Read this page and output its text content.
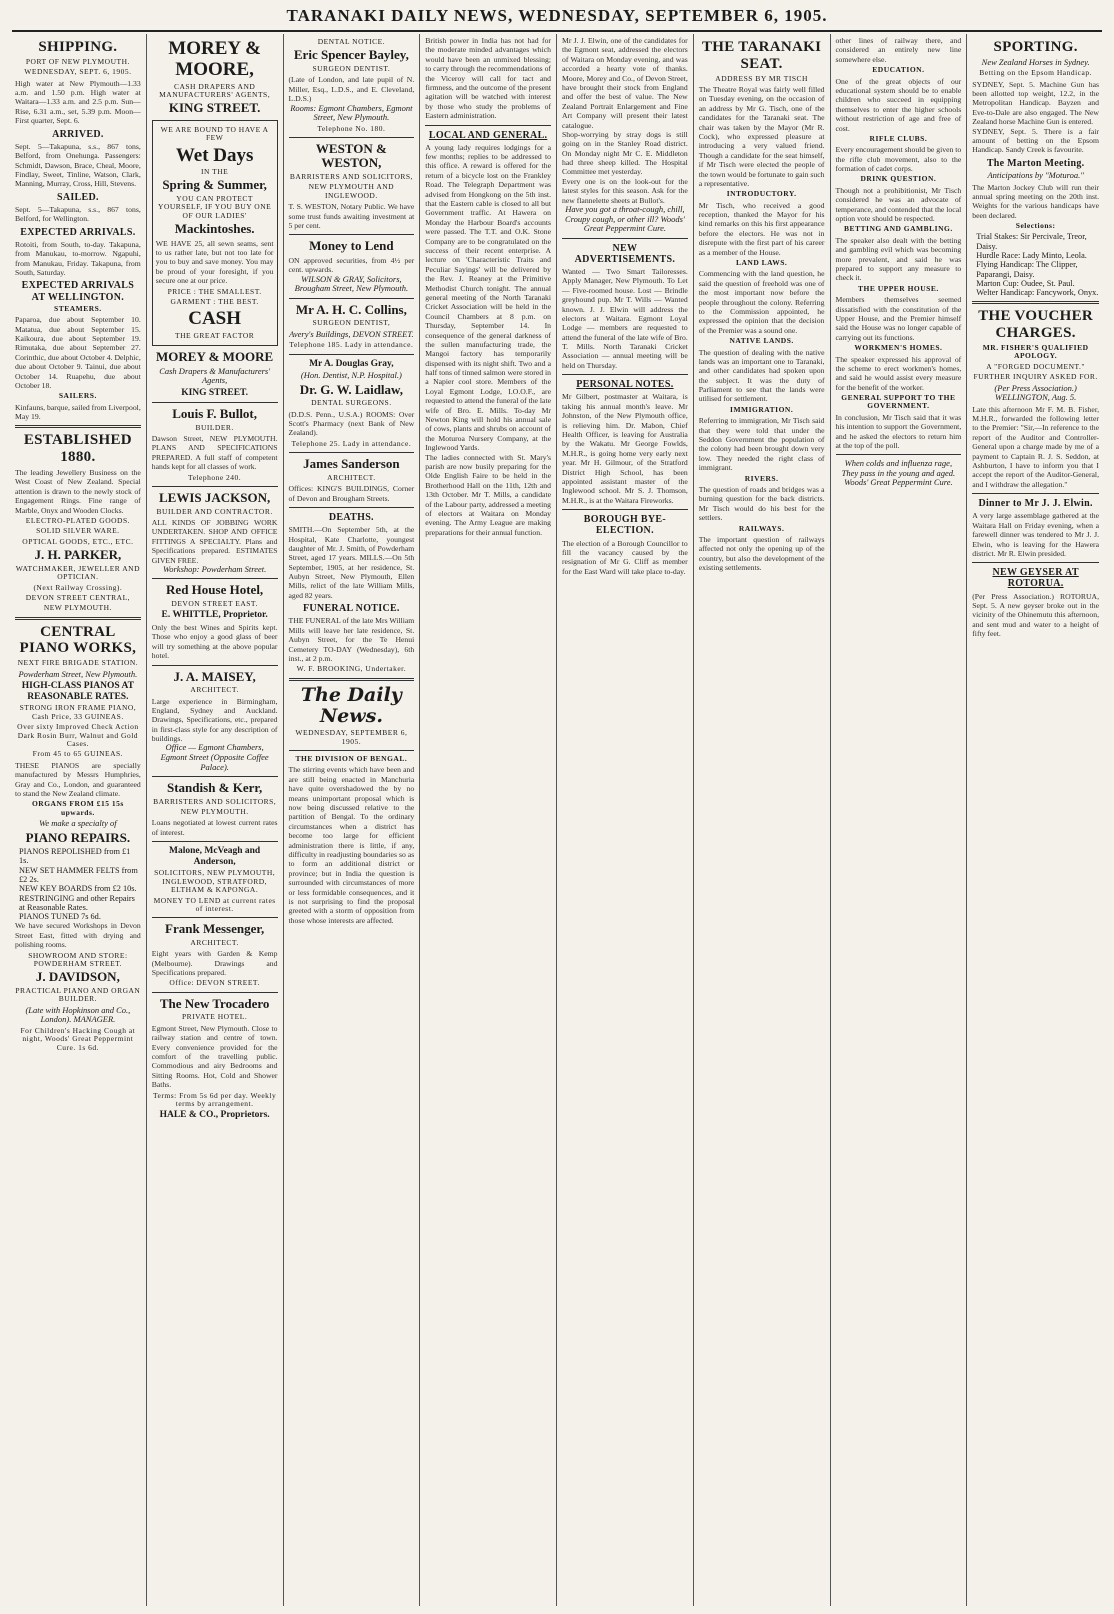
TARANAKI DAILY NEWS, WEDNESDAY, SEPTEMBER 6, 1905.
SHIPPING.
PORT OF NEW PLYMOUTH.
WEDNESDAY, SEPT. 6, 1905.

High water at New Plymouth—1.33 a.m. and 1.50 p.m. High water at Waitara—1.33 a.m. and 2.5 p.m. Sun—Rise, 6.31 a.m., set, 5.39 p.m. Moon—First quarter, Sept. 6.

ARRIVED.

Sept. 5—Takapuna, s.s., 867 tons, Belford, from Onehunga. Passengers: Schmidt, Dawson, Brace, Cheal, Moore, Findlay, Sweet, Tinline, Watson, Clark, Manning, Murray, Cross, Hill, Stevens.

SAILED.

Sept. 5—Takapuna, s.s., 867 tons, Belford, for Wellington.

EXPECTED ARRIVALS.

Rotoiti, from South, to-day. Takapuna, from Manukau, to-morrow. Ngapuhi, from Manukau, Friday. Takapuna, from South, Saturday.

EXPECTED ARRIVALS AT WELLINGTON.
STEAMERS.

Paparoa, due about September 10. Matatua, due about September 15. Kaikoura, due about September 19. Rimutaka, due about September 27. Corinthic, due about October 4. Delphic, due about October 9. Tainui, due about October 14. Ruapehu, due about October 18.

SAILERS.

Kinfauns, barque, sailed from Liverpool, May 19.

ESTABLISHED 1880.

The leading Jewellery Business on the West Coast of New Zealand. Special attention is drawn to the newly stock of Engagement Rings. Fine range of Marble, Onyx and Wooden Clocks.

ELECTRO-PLATED GOODS.
SOLID SILVER WARE.
OPTICAL GOODS, ETC., ETC.
J. H. PARKER,
WATCHMAKER, JEWELLER AND OPTICIAN.
(Next Railway Crossing).
DEVON STREET CENTRAL,
NEW PLYMOUTH.
CENTRAL PIANO WORKS,
NEXT FIRE BRIGADE STATION.
Powderham Street, New Plymouth.
HIGH-CLASS PIANOS AT REASONABLE RATES.
STRONG IRON FRAME PIANO, Cash Price, 33 GUINEAS.
Over sixty Improved Check Action Dark Rosin Burr, Walnut and Gold Cases.
From 45 to 65 GUINEAS.

THESE PIANOS are specially manufactured by Messrs Humphries, Gray and Co., London, and guaranteed to stand the New Zealand climate.

ORGANS FROM £15 15s upwards.
We make a specialty of
PIANO REPAIRS.
PIANOS REPOLISHED from £1 1s.
NEW SET HAMMER FELTS from £2 2s.
NEW KEY BOARDS from £2 10s.
RESTRINGING and other Repairs at Reasonable Rates.
PIANOS TUNED 7s 6d.

We have secured Workshops in Devon Street East, fitted with drying and polishing rooms.

SHOWROOM AND STORE: POWDERHAM STREET.
J. DAVIDSON,
PRACTICAL PIANO AND ORGAN BUILDER.
(Late with Hopkinson and Co., London). MANAGER.
For Children's Hacking Cough at night, Woods' Great Peppermint Cure. 1s 6d.
MOREY & MOORE,
CASH DRAPERS AND MANUFACTURERS' AGENTS,
KING STREET.
WE ARE BOUND TO HAVE A FEW
Wet Days
IN THE
Spring & Summer,
YOU CAN PROTECT YOURSELF, IF YOU BUY ONE OF OUR LADIES'
Mackintoshes.

WE HAVE 25, all sewn seams, sent to us rather late, but not too late for you to buy and save money. You may be proud of your foresight, if you secure one at our price.

PRICE : THE SMALLEST.
GARMENT : THE BEST.
CASH
THE GREAT FACTOR
MOREY & MOORE
Cash Drapers & Manufacturers' Agents,
KING STREET.
Louis F. Bullot,
BUILDER.

Dawson Street, NEW PLYMOUTH. PLANS AND SPECIFICATIONS PREPARED. A full staff of competent hands kept for all classes of work.

Telephone 240.
LEWIS JACKSON,
BUILDER AND CONTRACTOR.

ALL KINDS OF JOBBING WORK UNDERTAKEN. SHOP AND OFFICE FITTINGS A SPECIALTY. Plans and Specifications prepared. ESTIMATES GIVEN FREE.

Workshop: Powderham Street.
Red House Hotel,
DEVON STREET EAST.
E. WHITTLE, Proprietor.

Only the best Wines and Spirits kept. Those who enjoy a good glass of beer will try something at the above popular hotel.

J. A. MAISEY,
ARCHITECT.

Large experience in Birmingham, England, Sydney and Auckland. Drawings, Specifications, etc., prepared in first-class style for any description of buildings.

Office — Egmont Chambers, Egmont Street (Opposite Coffee Palace).
Standish & Kerr,
BARRISTERS AND SOLICITORS,
NEW PLYMOUTH.

Loans negotiated at lowest current rates of interest.

Malone, McVeagh and Anderson,
SOLICITORS, NEW PLYMOUTH, INGLEWOOD, STRATFORD, ELTHAM & KAPONGA.
MONEY TO LEND at current rates of interest.
Frank Messenger,
ARCHITECT.

Eight years with Garden & Kemp (Melbourne). Drawings and Specifications prepared.

Office: DEVON STREET.
The New Trocadero
PRIVATE HOTEL.

Egmont Street, New Plymouth. Close to railway station and centre of town. Every convenience provided for the comfort of the travelling public. Commodious and airy Bedrooms and Sitting Rooms. Hot, Cold and Shower Baths.

Terms: From 5s 6d per day. Weekly terms by arrangement.
HALE & CO., Proprietors.
DENTAL NOTICE.
Eric Spencer Bayley,
SURGEON DENTIST.

(Late of London, and late pupil of N. Miller, Esq., L.D.S., and E. Cleveland, L.D.S.)

Rooms: Egmont Chambers, Egmont Street, New Plymouth.
Telephone No. 180.
WESTON & WESTON,
BARRISTERS AND SOLICITORS,
NEW PLYMOUTH AND INGLEWOOD.

T. S. WESTON, Notary Public. We have some trust funds awaiting investment at 5 per cent.

Money to Lend

ON approved securities, from 4½ per cent. upwards.

WILSON & GRAY, Solicitors, Brougham Street, New Plymouth.
Mr A. H. C. Collins,
SURGEON DENTIST,
Avery's Buildings, DEVON STREET.
Telephone 185. Lady in attendance.
Mr A. Douglas Gray,
(Hon. Dentist, N.P. Hospital.)
Dr. G. W. Laidlaw,
DENTAL SURGEONS.

(D.D.S. Penn., U.S.A.) ROOMS: Over Scott's Pharmacy (next Bank of New Zealand).

Telephone 25. Lady in attendance.
James Sanderson
ARCHITECT.

Offices: KING'S BUILDINGS, Corner of Devon and Brougham Streets.

DEATHS.

SMITH.—On September 5th, at the Hospital, Kate Charlotte, youngest daughter of Mr. J. Smith, of Powderham Street, aged 17 years. MILLS.—On 5th September, 1905, at her residence, St. Aubyn Street, New Plymouth, Ellen Mills, relict of the late William Mills, aged 82 years.

FUNERAL NOTICE.

THE FUNERAL of the late Mrs William Mills will leave her late residence, St. Aubyn Street, for the Te Henui Cemetery TO-DAY (Wednesday), 6th inst., at 2 p.m.

W. F. BROOKING, Undertaker.
The Daily News.
WEDNESDAY, SEPTEMBER 6, 1905.
THE DIVISION OF BENGAL.

The stirring events which have been and are still being enacted in Manchuria have quite overshadowed the by no means unimportant proposal which is now being discussed relative to the partition of Bengal. To the ordinary circumstances when a district has become too large for efficient administration there is little, if any, difficulty in readjusting boundaries so as to form an additional district or province; but in India the question is surrounded with circumstances of more or less formidable consequences, and it is not surprising to find the proposal greeted with a storm of opposition from those whose interests are affected.

British power in India has not had for the moderate minded advantages which would have been an unmixed blessing; to carry through the recommendations of the Viceroy will call for tact and firmness, and the outcome of the present agitation will be watched with interest by those who study the problems of Eastern administration.

LOCAL AND GENERAL.

A young lady requires lodgings for a few months; replies to be addressed to this office. A reward is offered for the return of a bicycle lost on the Frankley Road. The Telegraph Department was advised from Hongkong on the 5th inst. that the Eastern cable is closed to all but Government traffic. At Hawera on Monday the Harbour Board's accounts were passed. The T.T. and O.K. Stone Company are to be congratulated on the success of their recent enterprise. A lecture on 'Characteristic Traits and Peculiar Sayings' will be delivered by the Rev. J. Reaney at the Primitive Methodist Church tonight. The annual general meeting of the North Taranaki Cricket Association will be held in the Council Chambers at 8 p.m. on Thursday, September 14. In consequence of the general darkness of the sullen manufacturing trade, the Mangoi factory has temporarily dispensed with its night shift. Two and a half tons of tinned salmon were stored in a Napier cool store. Members of the Loyal Egmont Lodge, I.O.O.F., are requested to attend the funeral of the late wife of Bro. E. Mills. To-day Mr Newton King will hold his annual sale of cows, plants and shrubs on account of the Moturoa Nursery Company, at the Inglewood Yards.

The ladies connected with St. Mary's parish are now busily preparing for the Olde English Faire to be held in the Brotherhood Hall on the 11th, 12th and 13th October. Mr T. Mills, a candidate of the Labour party, addressed a meeting of electors at Waitara on Monday evening. The Army League are making preparations for their annual function.

Mr J. J. Elwin, one of the candidates for the Egmont seat, addressed the electors of Waitara on Monday evening, and was accorded a hearty vote of thanks. Moore, Morey and Co., of Devon Street, have brought their stock from England and offer the best of value. The New Zealand Portrait Enlargement and Fine Art Company will present their latest catalogue.

Shop-worrying by stray dogs is still going on in the Stanley Road district. On Monday night Mr C. E. Middleton had three sheep killed. The Hospital Committee met yesterday.

Every one is on the look-out for the latest styles for this season. Ask for the new flannelette sheets at Bullot's.

Have you got a throat-cough, chill, Croupy cough, or other ill? Woods' Great Peppermint Cure.
NEW ADVERTISEMENTS.

Wanted — Two Smart Tailoresses. Apply Manager, New Plymouth. To Let — Five-roomed house. Lost — Brindle greyhound pup. Mr T. Wills — Wanted known. J. J. Elwin will address the electors at Waitara. Egmont Loyal Lodge — members are requested to attend the funeral of the late wife of Bro. T. Mills. North Taranaki Cricket Association — annual meeting will be held on Thursday.

PERSONAL NOTES.

Mr Gilbert, postmaster at Waitara, is taking his annual month's leave. Mr Johnston, of the New Plymouth office, is relieving him. Dr. Mabon, Chief Health Officer, is leaving for Australia by the Wakatu. Mr George Fowlds, M.H.R., is going home very early next year. Mr H. Gilmour, of the Stratford District High School, has been appointed assistant master of the Inglewood school. Mr S. J. Thomson, M.H.R., is at the Waitara Fireworks.

BOROUGH BYE-ELECTION.

The election of a Borough Councillor to fill the vacancy caused by the resignation of Mr G. Cliff as member for the East Ward will take place to-day.

THE TARANAKI SEAT.
ADDRESS BY MR TISCH

The Theatre Royal was fairly well filled on Tuesday evening, on the occasion of an address by Mr G. Tisch, one of the candidates for the Taranaki seat. The chair was taken by the Mayor (Mr R. Cock), who expressed pleasure at introducing a very valued friend. Though a candidate for the seat himself, if Mr Tisch were elected the people of the town would be fortunate to gain such a representative.

INTRODUCTORY.

Mr Tisch, who received a good reception, thanked the Mayor for his kind remarks on this his first appearance before the electors. He was not in disrepute with the first part of his career as a member of the House.

LAND LAWS.

Commencing with the land question, he said the question of freehold was one of the most important now before the people throughout the colony. Referring to the Commission appointed, he expressed the opinion that the decision of the Premier was a sound one.

NATIVE LANDS.

The question of dealing with the native lands was an important one to Taranaki, and other candidates had spoken upon the subject. It was the duty of Parliament to see that the lands were utilised for settlement.

IMMIGRATION.

Referring to immigration, Mr Tisch said that they were told that under the Seddon Government the population of the colony had been brought down very low. They needed the right class of immigrant.

RIVERS.

The question of roads and bridges was a burning question for the back districts. Mr Tisch would do his best for the settlers.

RAILWAYS.

The important question of railways affected not only the opening up of the country, but also the development of the existing settlements.

other lines of railway there, and considered an entirely new line somewhere else.

EDUCATION.

One of the great objects of our educational system should be to enable children who succeed in equipping themselves to enter the higher schools without restriction of age and free of cost.

RIFLE CLUBS.

Every encouragement should be given to the rifle club movement, also to the formation of cadet corps.

DRINK QUESTION.

Though not a prohibitionist, Mr Tisch considered he was an advocate of temperance, and contended that the local option vote should be respected.

BETTING AND GAMBLING.

The speaker also dealt with the betting and gambling evil which was becoming more prevalent, and said he was prepared to support any measure to check it.

THE UPPER HOUSE.

Members themselves seemed dissatisfied with the constitution of the Upper House, and the Premier himself said the House was no longer capable of carrying out its functions.

WORKMEN'S HOMES.

The speaker expressed his approval of the scheme to erect workmen's homes, and said he would assist every measure for the benefit of the worker.

GENERAL SUPPORT TO THE GOVERNMENT.

In conclusion, Mr Tisch said that it was his intention to support the Government, and he asked the electors to return him at the top of the poll.

When colds and influenza rage, They pass in the young and aged. Woods' Great Peppermint Cure.
SPORTING.
New Zealand Horses in Sydney.
Betting on the Epsom Handicap.

SYDNEY, Sept. 5. Machine Gun has been allotted top weight, 12.2, in the Metropolitan Handicap. Bayzen and Eve-to-Dale are also engaged. The New Zealand horse Machine Gun is entered.

SYDNEY, Sept. 5. There is a fair amount of betting on the Epsom Handicap. Sandy Creek is favourite.

The Marton Meeting.
Anticipations by "Moturoa."

The Marton Jockey Club will run their annual spring meeting on the 20th inst. Weights for the various handicaps have been declared.

Selections:
Trial Stakes: Sir Percivale, Treor, Daisy.
Hurdle Race: Lady Minto, Leola.
Flying Handicap: The Clipper, Paparangi, Daisy.
Marton Cup: Oudee, St. Paul.
Welter Handicap: Fancywork, Onyx.
THE VOUCHER CHARGES.
MR. FISHER'S QUALIFIED APOLOGY.
A "FORGED DOCUMENT."
FURTHER INQUIRY ASKED FOR.
(Per Press Association.) WELLINGTON, Aug. 5.

Late this afternoon Mr F. M. B. Fisher, M.H.R., forwarded the following letter to the Premier: "Sir,—In reference to the report of the Auditor and Controller-General upon a charge made by me of a payment to Captain R. J. S. Seddon, at Ashburton, I have to inform you that I accept the report of the Auditor-General, and I withdraw the allegation."

Dinner to Mr J. J. Elwin.

A very large assemblage gathered at the Waitara Hall on Friday evening, when a farewell dinner was tendered to Mr J. J. Elwin, who is leaving for the Hawera district. Mr R. Elwin presided.

NEW GEYSER AT ROTORUA.

(Per Press Association.) ROTORUA, Sept. 5. A new geyser broke out in the vicinity of the Ohinemutu this afternoon, and sent mud and water to a height of fifty feet.
